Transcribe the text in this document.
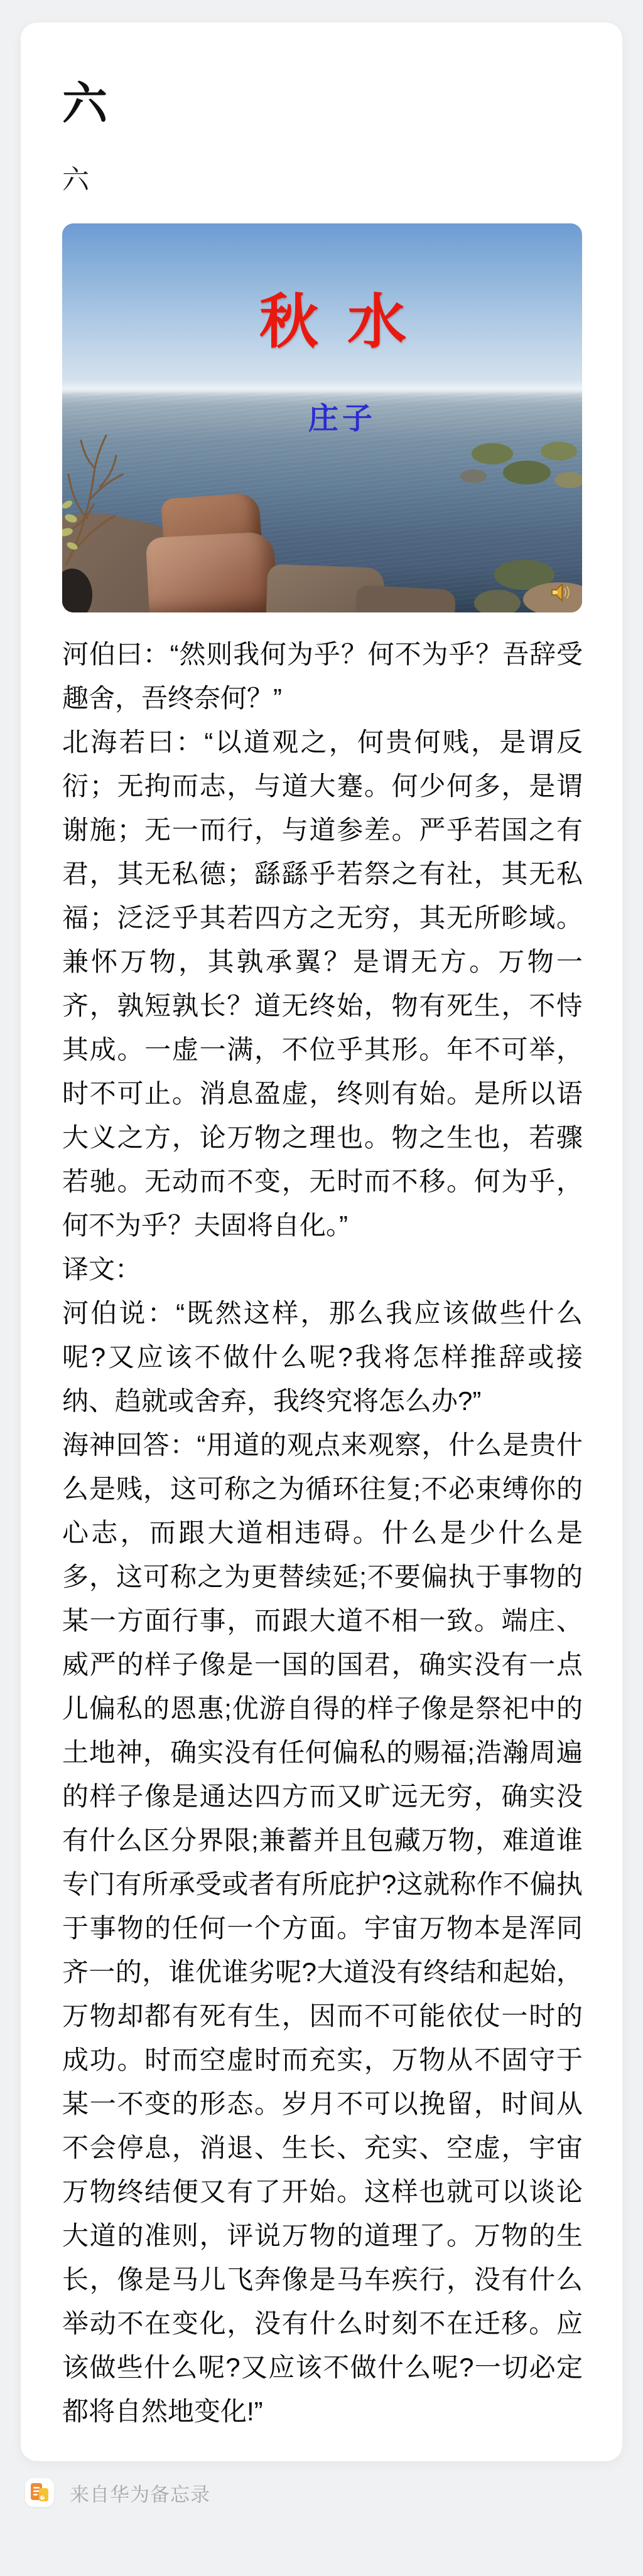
六
六
秋 水
庄子

河伯曰：“然则我何为乎？何不为乎？吾辞受趣舍，吾终奈何？”

北海若曰：“以道观之，何贵何贱，是谓反衍；无拘而志，与道大蹇。何少何多，是谓谢施；无一而行，与道参差。严乎若国之有君，其无私德；繇繇乎若祭之有社，其无私福；泛泛乎其若四方之无穷，其无所畛域。兼怀万物，其孰承翼？是谓无方。万物一齐，孰短孰长？道无终始，物有死生，不恃其成。一虚一满，不位乎其形。年不可举，时不可止。消息盈虚，终则有始。是所以语大义之方，论万物之理也。物之生也，若骤若驰。无动而不变，无时而不移。何为乎，何不为乎？夫固将自化。”

译文：

河伯说：“既然这样，那么我应该做些什么呢?又应该不做什么呢?我将怎样推辞或接纳、趋就或舍弃，我终究将怎么办?”

海神回答：“用道的观点来观察，什么是贵什么是贱，这可称之为循环往复;不必束缚你的心志，而跟大道相违碍。什么是少什么是多，这可称之为更替续延;不要偏执于事物的某一方面行事，而跟大道不相一致。端庄、威严的样子像是一国的国君，确实没有一点儿偏私的恩惠;优游自得的样子像是祭祀中的土地神，确实没有任何偏私的赐福;浩瀚周遍的样子像是通达四方而又旷远无穷，确实没有什么区分界限;兼蓄并且包藏万物，难道谁专门有所承受或者有所庇护?这就称作不偏执于事物的任何一个方面。宇宙万物本是浑同齐一的，谁优谁劣呢?大道没有终结和起始，万物却都有死有生，因而不可能依仗一时的成功。时而空虚时而充实，万物从不固守于某一不变的形态。岁月不可以挽留，时间从不会停息，消退、生长、充实、空虚，宇宙万物终结便又有了开始。这样也就可以谈论大道的准则，评说万物的道理了。万物的生长，像是马儿飞奔像是马车疾行，没有什么举动不在变化，没有什么时刻不在迁移。应该做些什么呢?又应该不做什么呢?一切必定都将自然地变化!”

来自华为备忘录
